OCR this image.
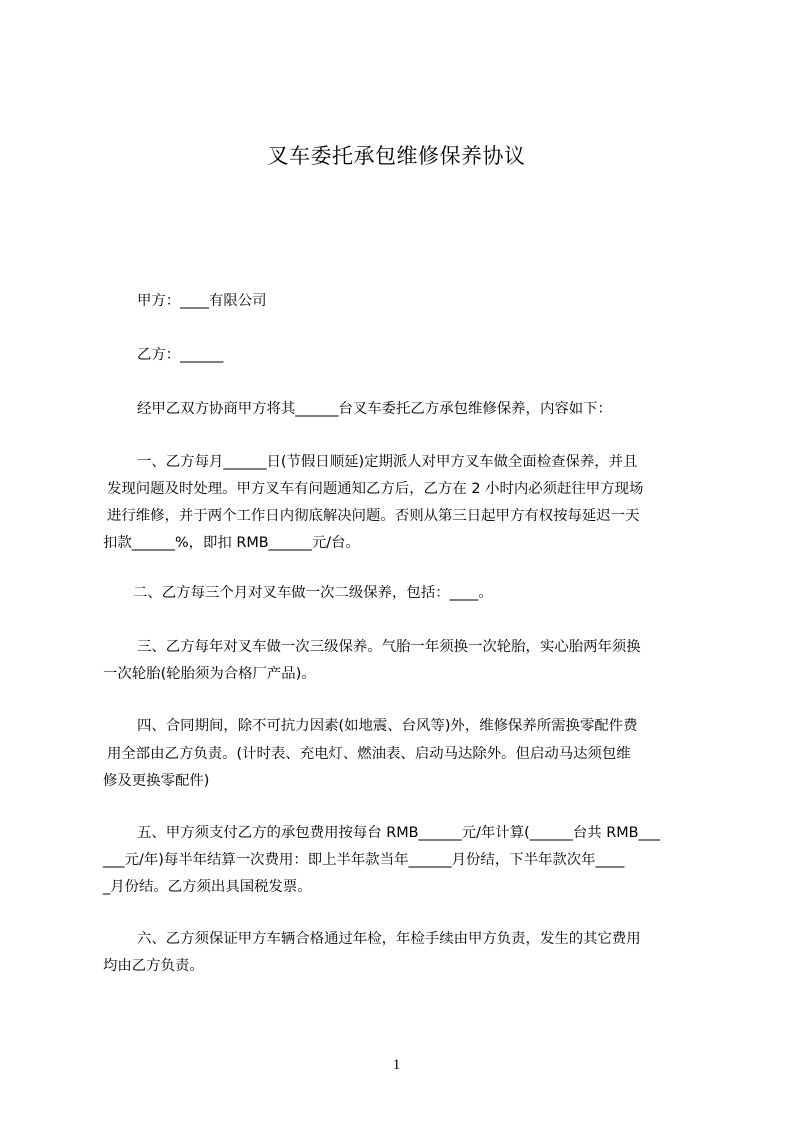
叉车委托承包维修保养协议
甲方：____有限公司
乙方：______
经甲乙双方协商甲方将其______台叉车委托乙方承包维修保养，内容如下：
一、乙方每月______日(节假日顺延)定期派人对甲方叉车做全面检查保养，并且
发现问题及时处理。甲方叉车有问题通知乙方后，乙方在 2 小时内必须赶往甲方现场
进行维修，并于两个工作日内彻底解决问题。否则从第三日起甲方有权按每延迟一天
扣款______%，即扣 RMB______元/台。
二、乙方每三个月对叉车做一次二级保养，包括：____。
三、乙方每年对叉车做一次三级保养。气胎一年须换一次轮胎，实心胎两年须换
一次轮胎(轮胎须为合格厂产品)。
四、合同期间，除不可抗力因素(如地震、台风等)外，维修保养所需换零配件费
用全部由乙方负责。(计时表、充电灯、燃油表、启动马达除外。但启动马达须包维
修及更换零配件)
五、甲方须支付乙方的承包费用按每台 RMB______元/年计算(______台共 RMB___
___元/年)每半年结算一次费用：即上半年款当年______月份结，下半年款次年____
_月份结。乙方须出具国税发票。
六、乙方须保证甲方车辆合格通过年检，年检手续由甲方负责，发生的其它费用
均由乙方负责。
1
